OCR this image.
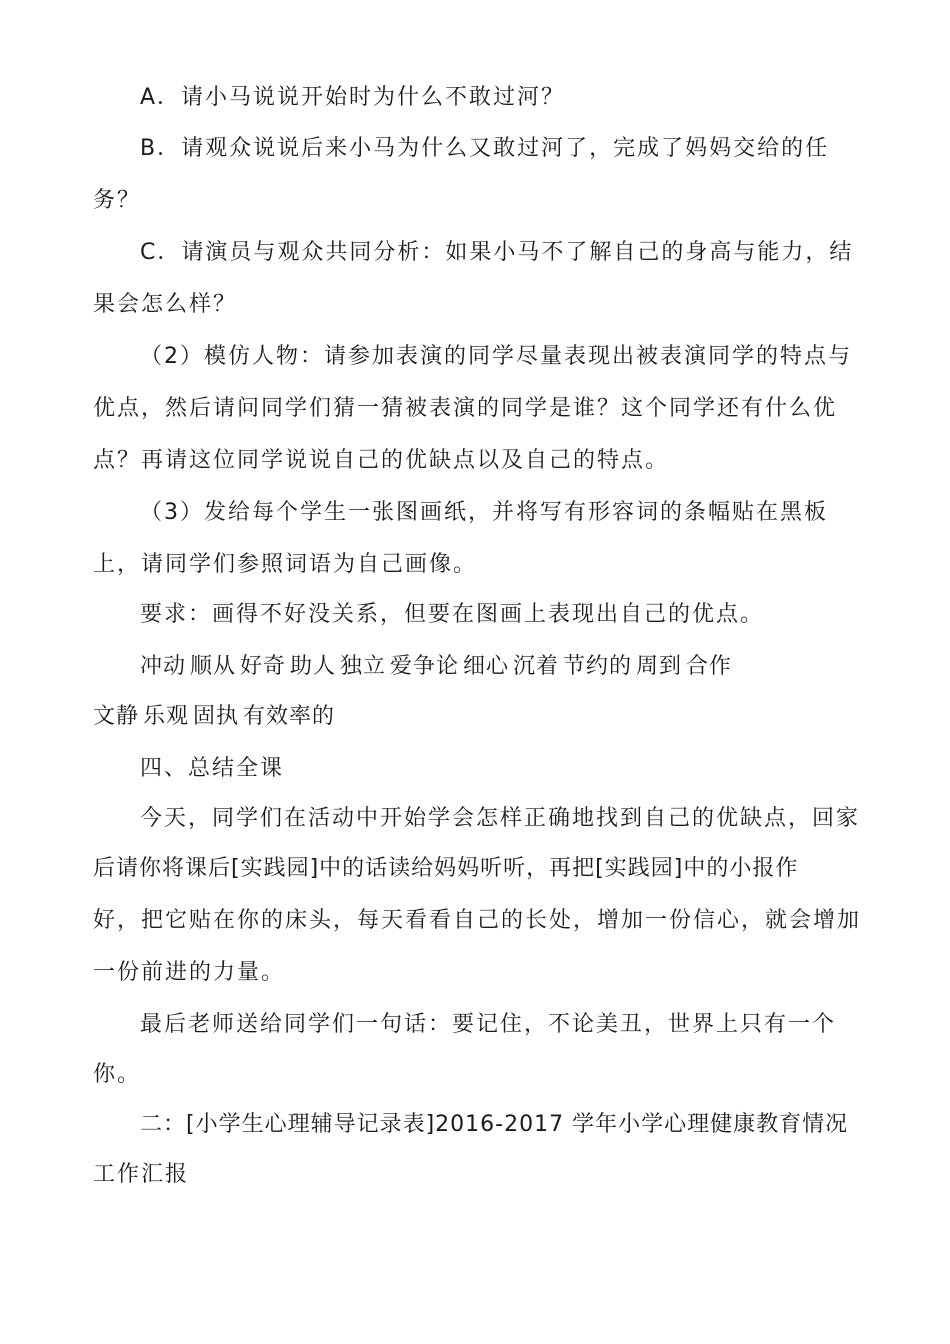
A．请小马说说开始时为什么不敢过河？
B．请观众说说后来小马为什么又敢过河了，完成了妈妈交给的任
务？
C．请演员与观众共同分析：如果小马不了解自己的身高与能力，结
果会怎么样？
（2）模仿人物：请参加表演的同学尽量表现出被表演同学的特点与
优点，然后请问同学们猜一猜被表演的同学是谁？这个同学还有什么优
点？再请这位同学说说自己的优缺点以及自己的特点。
（3）发给每个学生一张图画纸，并将写有形容词的条幅贴在黑板
上，请同学们参照词语为自己画像。
要求：画得不好没关系，但要在图画上表现出自己的优点。
冲动 顺从 好奇 助人 独立 爱争论 细心 沉着 节约的 周到 合作
文静 乐观 固执 有效率的
四、总结全课
今天，同学们在活动中开始学会怎样正确地找到自己的优缺点，回家
后请你将课后[实践园]中的话读给妈妈听听，再把[实践园]中的小报作
好，把它贴在你的床头，每天看看自己的长处，增加一份信心，就会增加
一份前进的力量。
最后老师送给同学们一句话：要记住，不论美丑，世界上只有一个
你。
二：[小学生心理辅导记录表]2016-2017 学年小学心理健康教育情况
工作汇报
